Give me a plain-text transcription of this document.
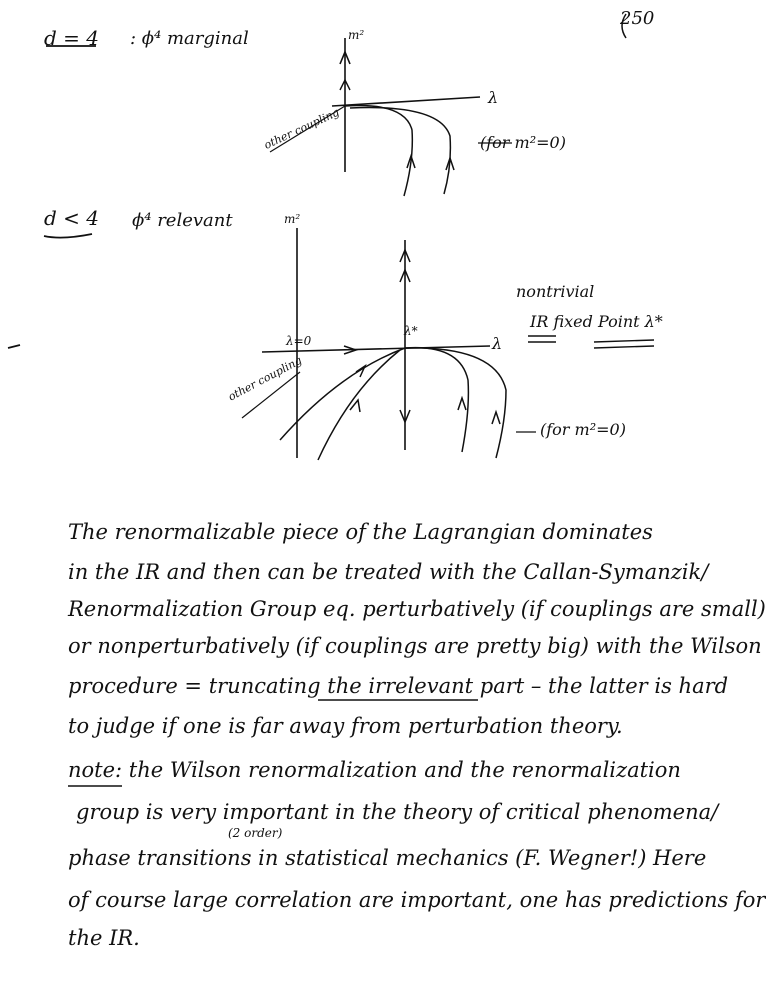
250
d = 4 : ϕ⁴ marginal	m²
λ
other coupling	(for m²=0)
d < 4 ϕ⁴ relevant	m²
λ
λ=0
λ*
other coupling
(for m²=0)
nontrivial
IR fixed Point λ*
The renormalizable piece of the Lagrangian dominates
in the IR and then can be treated with the Callan-Symanzik/
Renormalization Group eq. perturbatively (if couplings are small)
or nonperturbatively (if couplings are pretty big) with the Wilson
procedure = truncating the irrelevant part – the latter is hard
to judge if one is far away from perturbation theory.
note: the Wilson renormalization and the renormalization
group is very important in the theory of critical phenomena/
(2 order)
phase transitions in statistical mechanics (F. Wegner!) Here
of course large correlation are important, one has predictions for
the IR.
